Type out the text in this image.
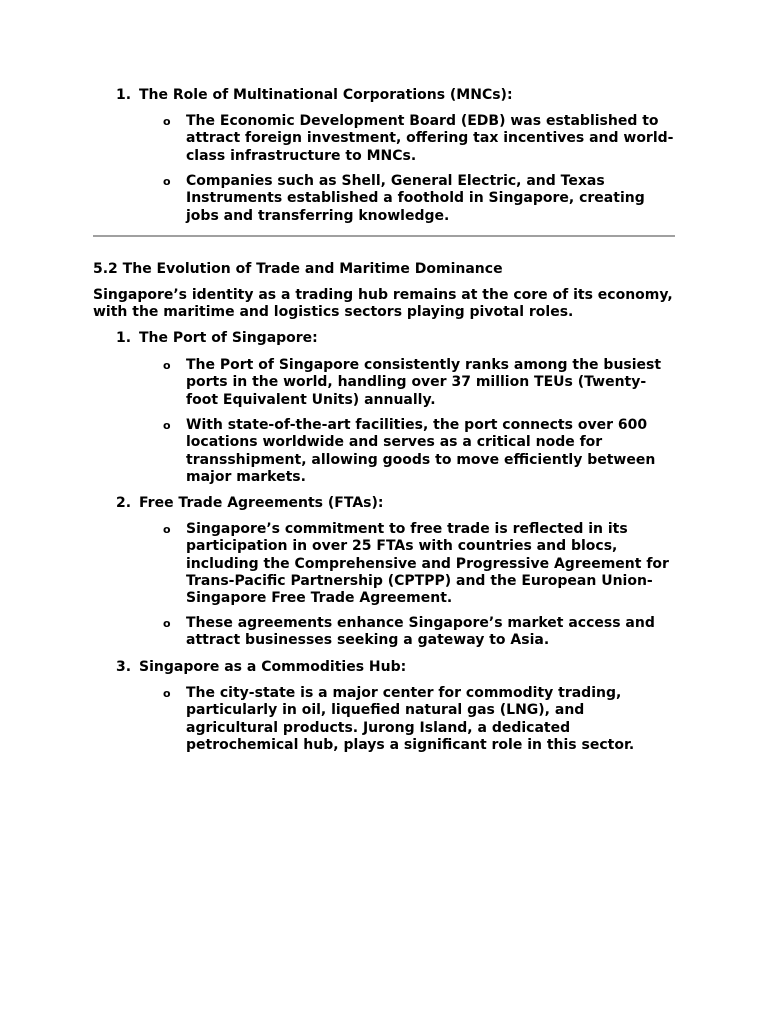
1. The Role of Multinational Corporations (MNCs):
o The Economic Development Board (EDB) was established to attract foreign investment, offering tax incentives and world-class infrastructure to MNCs.
o Companies such as Shell, General Electric, and Texas Instruments established a foothold in Singapore, creating jobs and transferring knowledge.
5.2 The Evolution of Trade and Maritime Dominance
Singapore’s identity as a trading hub remains at the core of its economy, with the maritime and logistics sectors playing pivotal roles.
1. The Port of Singapore:
o The Port of Singapore consistently ranks among the busiest ports in the world, handling over 37 million TEUs (Twenty-foot Equivalent Units) annually.
o With state-of-the-art facilities, the port connects over 600 locations worldwide and serves as a critical node for transshipment, allowing goods to move efficiently between major markets.
2. Free Trade Agreements (FTAs):
o Singapore’s commitment to free trade is reflected in its participation in over 25 FTAs with countries and blocs, including the Comprehensive and Progressive Agreement for Trans-Pacific Partnership (CPTPP) and the European Union-Singapore Free Trade Agreement.
o These agreements enhance Singapore’s market access and attract businesses seeking a gateway to Asia.
3. Singapore as a Commodities Hub:
o The city-state is a major center for commodity trading, particularly in oil, liquefied natural gas (LNG), and agricultural products. Jurong Island, a dedicated petrochemical hub, plays a significant role in this sector.
